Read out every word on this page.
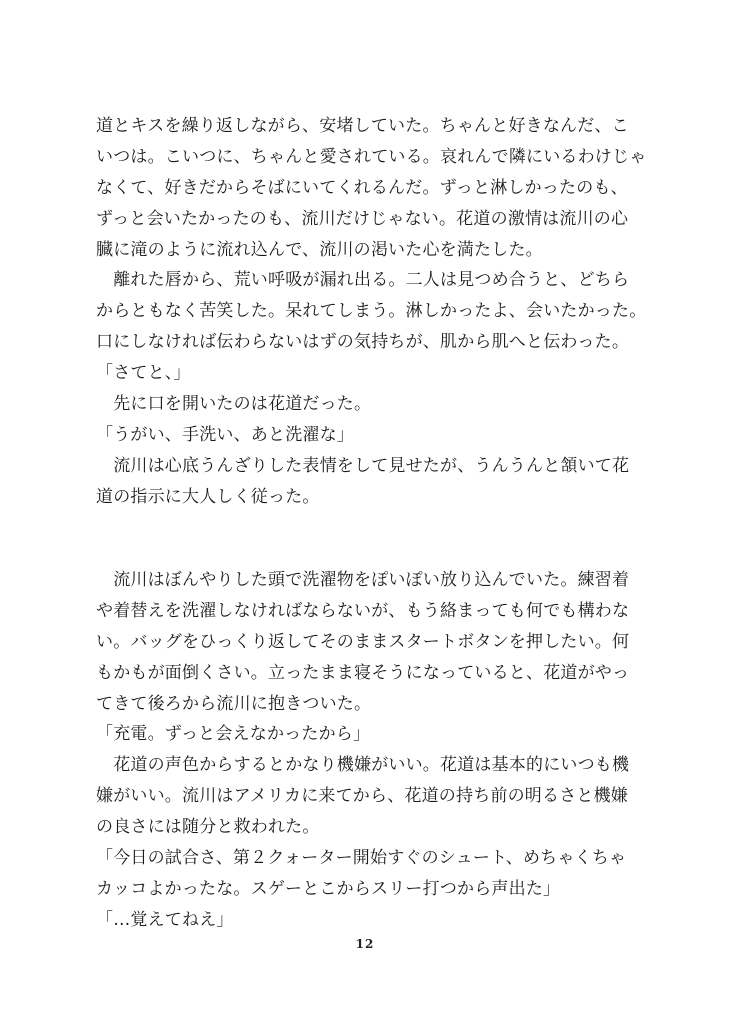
道とキスを繰り返しながら、安堵していた。ちゃんと好きなんだ、こ
いつは。こいつに、ちゃんと愛されている。哀れんで隣にいるわけじゃ
なくて、好きだからそばにいてくれるんだ。ずっと淋しかったのも、
ずっと会いたかったのも、流川だけじゃない。花道の激情は流川の心
臓に滝のように流れ込んで、流川の渇いた心を満たした。
　離れた唇から、荒い呼吸が漏れ出る。二人は見つめ合うと、どちら
からともなく苦笑した。呆れてしまう。淋しかったよ、会いたかった。
口にしなければ伝わらないはずの気持ちが、肌から肌へと伝わった。
「さてと、」
　先に口を開いたのは花道だった。
「うがい、手洗い、あと洗濯な」
　流川は心底うんざりした表情をして見せたが、うんうんと頷いて花
道の指示に大人しく従った。
　流川はぼんやりした頭で洗濯物をぽいぽい放り込んでいた。練習着
や着替えを洗濯しなければならないが、もう絡まっても何でも構わな
い。バッグをひっくり返してそのままスタートボタンを押したい。何
もかもが面倒くさい。立ったまま寝そうになっていると、花道がやっ
てきて後ろから流川に抱きついた。
「充電。ずっと会えなかったから」
　花道の声色からするとかなり機嫌がいい。花道は基本的にいつも機
嫌がいい。流川はアメリカに来てから、花道の持ち前の明るさと機嫌
の良さには随分と救われた。
「今日の試合さ、第２クォーター開始すぐのシュート、めちゃくちゃ
カッコよかったな。スゲーとこからスリー打つから声出た」
「…覚えてねえ」
12
